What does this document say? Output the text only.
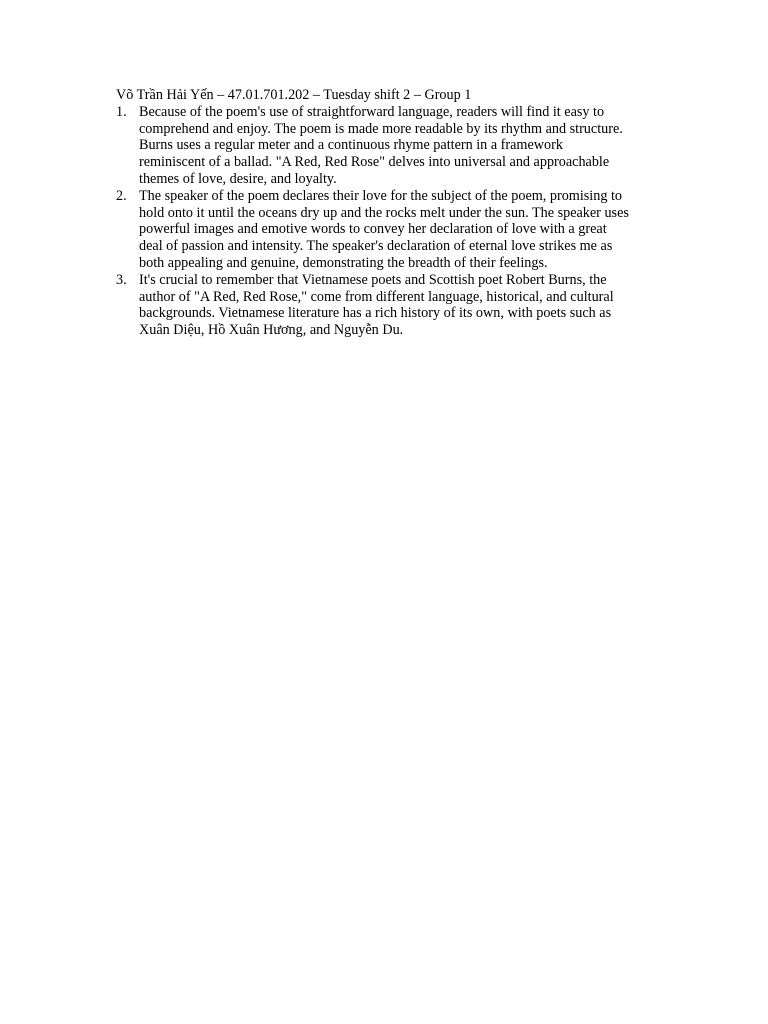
Võ Trần Hải Yến – 47.01.701.202 – Tuesday shift 2 – Group 1
1. Because of the poem's use of straightforward language, readers will find it easy to
comprehend and enjoy. The poem is made more readable by its rhythm and structure.
Burns uses a regular meter and a continuous rhyme pattern in a framework
reminiscent of a ballad. "A Red, Red Rose" delves into universal and approachable
themes of love, desire, and loyalty.
2. The speaker of the poem declares their love for the subject of the poem, promising to
hold onto it until the oceans dry up and the rocks melt under the sun. The speaker uses
powerful images and emotive words to convey her declaration of love with a great
deal of passion and intensity. The speaker's declaration of eternal love strikes me as
both appealing and genuine, demonstrating the breadth of their feelings.
3. It's crucial to remember that Vietnamese poets and Scottish poet Robert Burns, the
author of "A Red, Red Rose," come from different language, historical, and cultural
backgrounds. Vietnamese literature has a rich history of its own, with poets such as
Xuân Diệu, Hồ Xuân Hương, and Nguyễn Du.
